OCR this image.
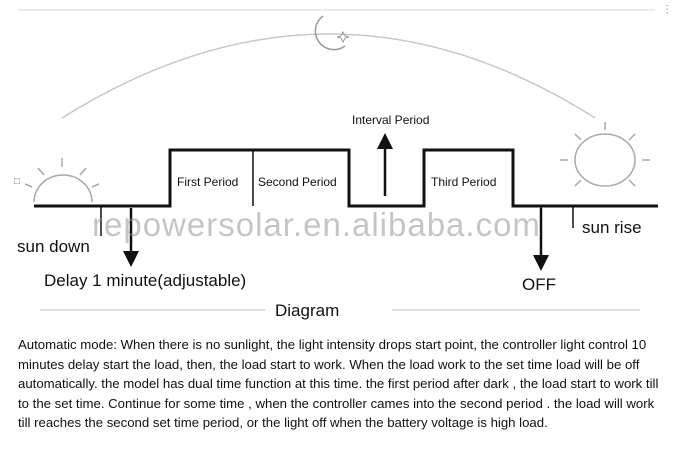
repowersolar.en.alibaba.com
Interval Period
First Period Second Period	Third Period
sun down
sun rise
Delay 1 minute(adjustable)	OFF
Diagram
□
⋮
Automatic mode: When there is no sunlight, the light intensity drops start point, the controller light control 10 minutes delay start the load, then, the load start to work. When the load work to the set time load will be off automatically. the model has dual time function at this time. the first period after dark , the load start to work till to the set time. Continue for some time , when the controller cames into the second period . the load will work till reaches the second set time period, or the light off when the battery voltage is high load.
